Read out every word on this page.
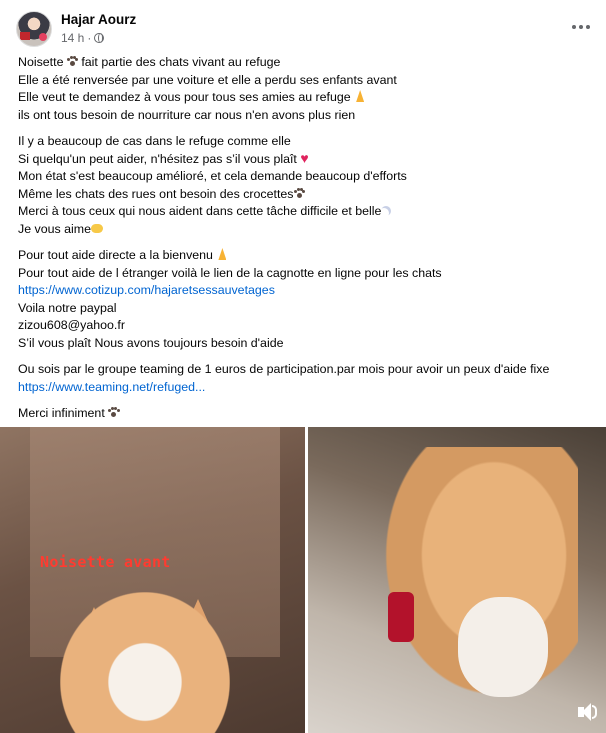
Hajar Aourz
14 h ·
Noisette
fait partie des chats vivant au refuge
Elle a été renversée par une voiture et elle a perdu ses enfants avant
Elle veut te demandez à vous pour tous ses amies au refuge
ils ont tous besoin de nourriture car nous n'en avons plus rien
Il y a beaucoup de cas dans le refuge comme elle
Si quelqu'un peut aider, n'hésitez pas s’il vous plaît ♥
Mon état s'est beaucoup amélioré, et cela demande beaucoup d'efforts
Même les chats des rues ont besoin des crocettes
Merci à tous ceux qui nous aident dans cette tâche difficile et belle
Je vous aime
Pour tout aide directe a la bienvenu
Pour tout aide de l étranger voilà le lien de la cagnotte en ligne pour les chats
https://www.cotizup.com/hajaretsessauvetages
Voila notre paypal
zizou608@yahoo.fr
S’il vous plaît Nous avons toujours besoin d'aide
Ou sois par le groupe teaming de 1 euros de participation.par mois pour avoir un peux d'aide fixe
https://www.teaming.net/refuged...
Merci infiniment
Noisette avant
